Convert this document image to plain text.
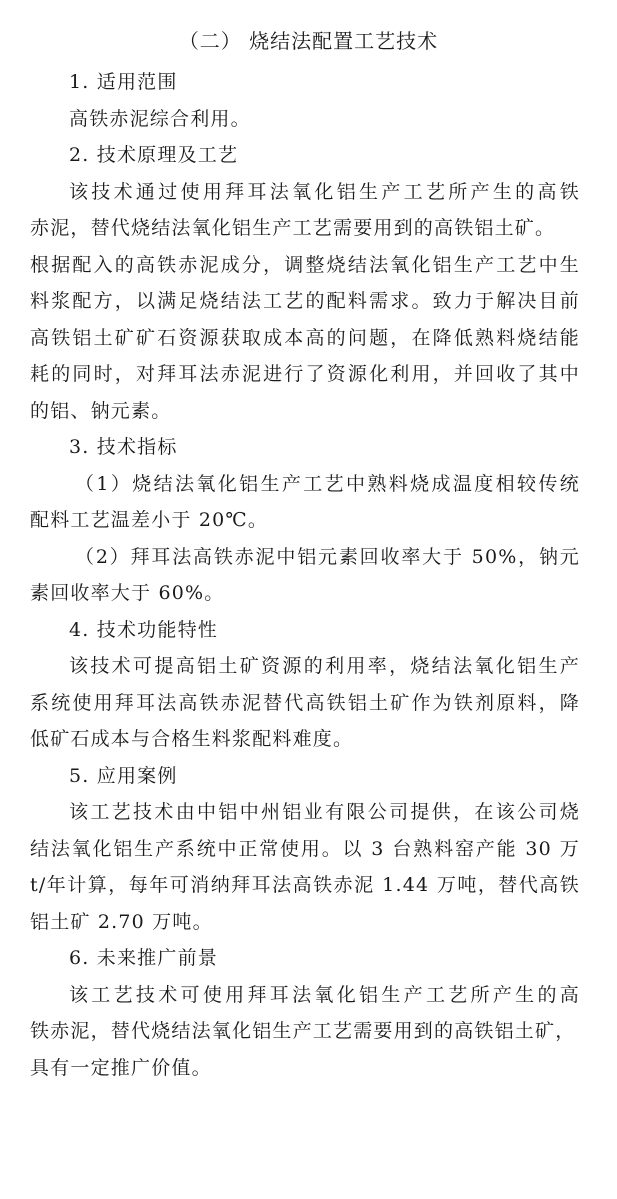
（二） 烧结法配置工艺技术
1. 适用范围
高铁赤泥综合利用。
2. 技术原理及工艺
该技术通过使用拜耳法氧化铝生产工艺所产生的高铁
赤泥，替代烧结法氧化铝生产工艺需要用到的高铁铝土矿。
根据配入的高铁赤泥成分，调整烧结法氧化铝生产工艺中生
料浆配方，以满足烧结法工艺的配料需求。致力于解决目前
高铁铝土矿矿石资源获取成本高的问题，在降低熟料烧结能
耗的同时，对拜耳法赤泥进行了资源化利用，并回收了其中
的铝、钠元素。
3. 技术指标
（1）烧结法氧化铝生产工艺中熟料烧成温度相较传统
配料工艺温差小于 20℃。
（2）拜耳法高铁赤泥中铝元素回收率大于 50%，钠元
素回收率大于 60%。
4. 技术功能特性
该技术可提高铝土矿资源的利用率，烧结法氧化铝生产
系统使用拜耳法高铁赤泥替代高铁铝土矿作为铁剂原料，降
低矿石成本与合格生料浆配料难度。
5. 应用案例
该工艺技术由中铝中州铝业有限公司提供，在该公司烧
结法氧化铝生产系统中正常使用。以 3 台熟料窑产能 30 万
t/年计算，每年可消纳拜耳法高铁赤泥 1.44 万吨，替代高铁
铝土矿 2.70 万吨。
6. 未来推广前景
该工艺技术可使用拜耳法氧化铝生产工艺所产生的高
铁赤泥，替代烧结法氧化铝生产工艺需要用到的高铁铝土矿，
具有一定推广价值。
